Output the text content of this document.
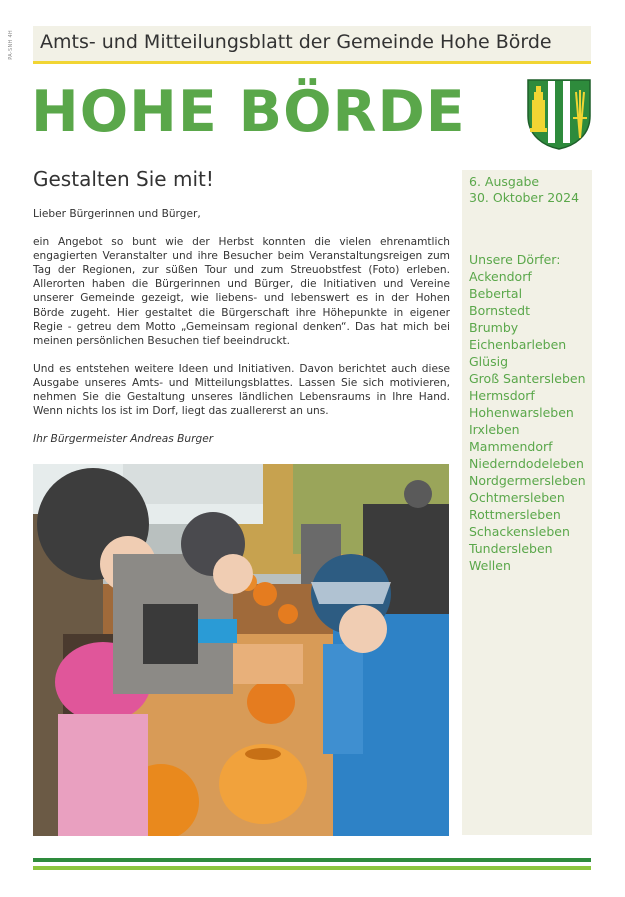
PA-SNH 4H Amts- und Mitteilungsblatt der Gemeinde Hohe Börde
HOHE BÖRDE
Gestalten Sie mit!

Lieber Bürgerinnen und Bürger,

ein Angebot so bunt wie der Herbst konnten die vielen ehrenamtlich engagierten Veranstalter und ihre Besucher beim Veranstaltungsreigen zum Tag der Regionen, zur süßen Tour und zum Streuobstfest (Foto) erleben. Allerorten haben die Bürgerinnen und Bürger, die Initiativen und Vereine unserer Gemeinde gezeigt, wie liebens- und lebenswert es in der Hohen Börde zugeht. Hier gestaltet die Bürgerschaft ihre Höhepunkte in eigener Regie - getreu dem Motto „Gemeinsam regional denken“. Das hat mich bei meinen persönlichen Besuchen tief beeindruckt.

Und es entstehen weitere Ideen und Initiativen. Davon berichtet auch diese Ausgabe unseres Amts- und Mitteilungsblattes. Lassen Sie sich motivieren, nehmen Sie die Gestaltung unseres ländlichen Lebensraums in Ihre Hand. Wenn nichts los ist im Dorf, liegt das zuallererst an uns.

Ihr Bürgermeister Andreas Burger

6. Ausgabe
30. Oktober 2024
Unsere Dörfer:
Ackendorf
Bebertal
Bornstedt
Brumby
Eichenbarleben
Glüsig
Groß Santersleben
Hermsdorf
Hohenwarsleben
Irxleben
Mammendorf
Niederndodeleben
Nordgermersleben
Ochtmersleben
Rottmersleben
Schackensleben
Tundersleben
Wellen
